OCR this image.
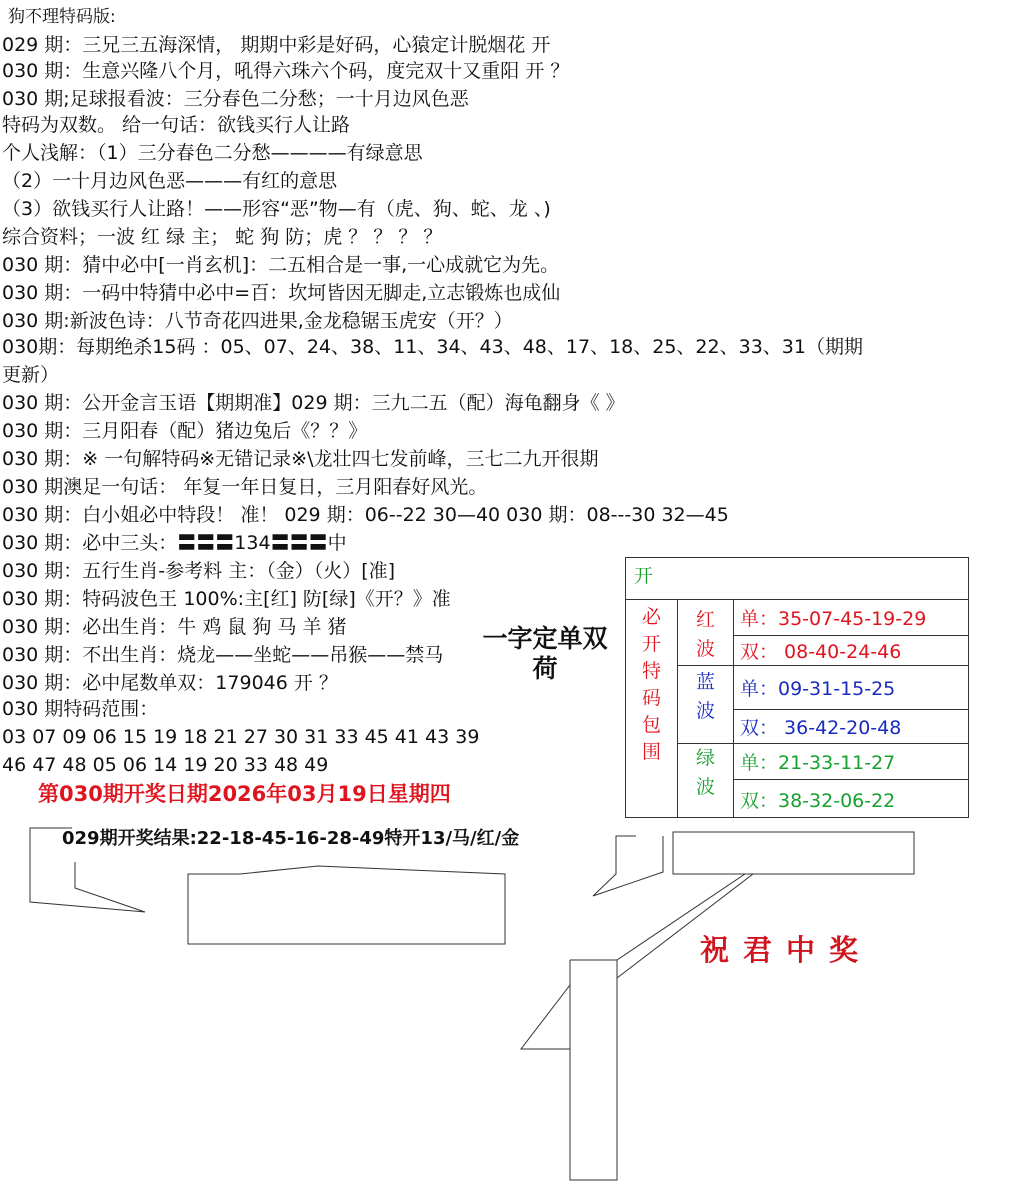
狗不理特码版:
029 期：三兄三五海深情， 期期中彩是好码，心猿定计脱烟花 开
030 期：生意兴隆八个月，吼得六珠六个码，度完双十又重阳 开 ？
030 期;足球报看波：三分春色二分愁；一十月边风色恶
特码为双数。 给一句话：欲钱买行人让路
个人浅解：（1）三分春色二分愁————有绿意思
（2）一十月边风色恶———有红的意思
（3）欲钱买行人让路！——形容“恶”物—有（虎、狗、蛇、龙 、)
综合资料；一波 红 绿 主； 蛇 狗 防；虎 ？ ？ ？ ？
030 期：猜中必中[一肖玄机]：二五相合是一事,一心成就它为先。
030 期：一码中特猜中必中=百：坎坷皆因无脚走,立志锻炼也成仙
030 期:新波色诗：八节奇花四进果,金龙稳锯玉虎安（开？）
030期：每期绝杀15码 ：05、07、24、38、11、34、43、48、17、18、25、22、33、31（期期
更新）
030 期：公开金言玉语【期期准】029 期：三九二五（配）海龟翻身《 》
030 期：三月阳春（配）猪边兔后《？？》
030 期：※ 一句解特码※无错记录※\龙壮四七发前峰，三七二九开很期
030 期澳足一句话： 年复一年日复日，三月阳春好风光。
030 期：白小姐必中特段！ 准！ 029 期：06--22 30—40 030 期：08---30 32—45
030 期：必中三头：〓〓〓134〓〓〓中
030 期：五行生肖-参考料 主：（金）（火）[准]
030 期：特码波色王 100%:主[红] 防[绿]《开？》准
030 期：必出生肖：牛 鸡 鼠 狗 马 羊 猪
030 期：不出生肖：烧龙——坐蛇——吊猴——禁马
030 期：必中尾数单双：179046 开 ？
030 期特码范围：
03 07 09 06 15 19 18 21 27 30 31 33 45 41 43 39
46 47 48 05 06 14 19 20 33 48 49
一字定单双
荷
开
必
开
特
码
包
围
红
波
单：35-07-45-19-29
双： 08-40-24-46
蓝
波
单：09-31-15-25
双： 36-42-20-48
绿
波
单：21-33-11-27
双：38-32-06-22
第030期开奖日期2026年03月19日星期四
029期开奖结果:22-18-45-16-28-49特开13/马/红/金
祝君中奖
